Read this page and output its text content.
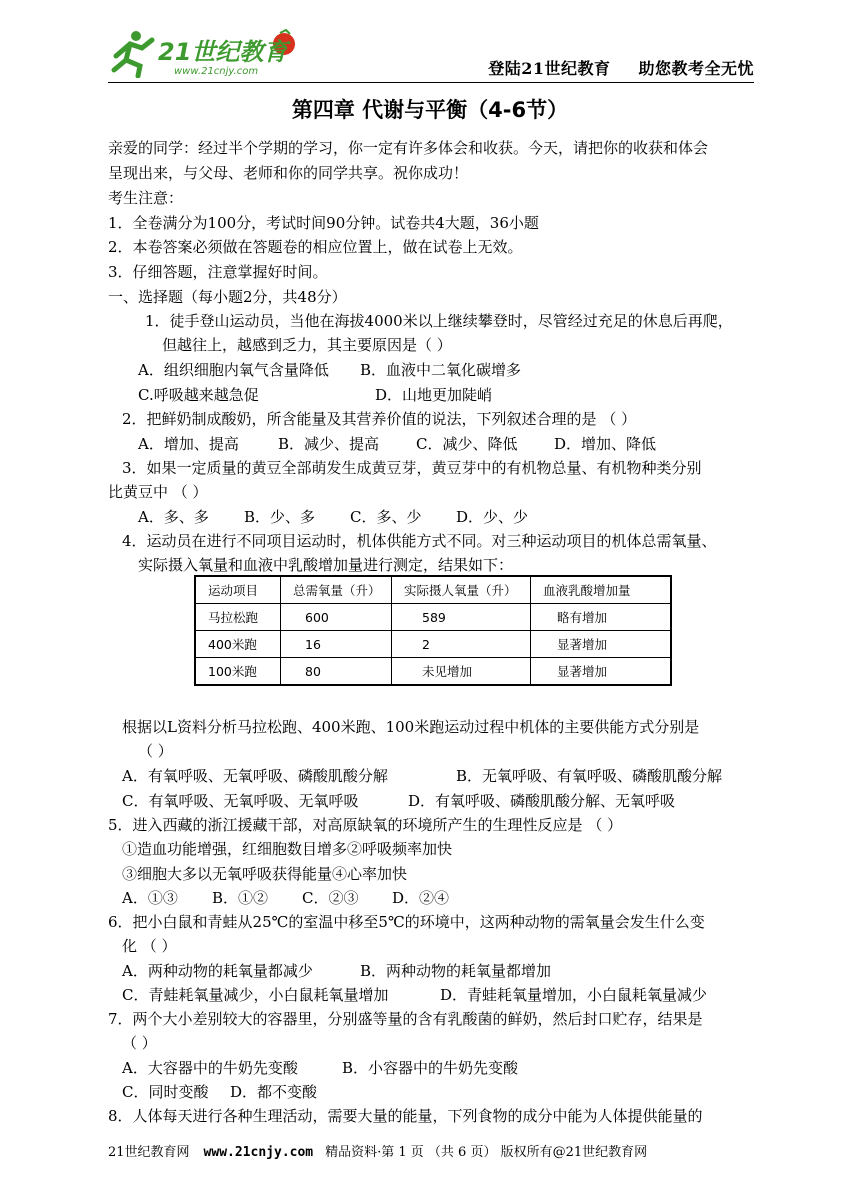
21世纪教育
www.21cnjy.com	登陆21世纪教育 助您教考全无忧
第四章 代谢与平衡（4-6节）
亲爱的同学：经过半个学期的学习，你一定有许多体会和收获。今天，请把你的收获和体会
呈现出来，与父母、老师和你的同学共享。祝你成功！
考生注意：
1．全卷满分为100分，考试时间90分钟。试卷共4大题，36小题
2．本卷答案必须做在答题卷的相应位置上，做在试卷上无效。
3．仔细答题，注意掌握好时间。
一、选择题（每小题2分，共48分）
1．徒手登山运动员，当他在海拔4000米以上继续攀登时，尽管经过充足的休息后再爬，
但越往上，越感到乏力，其主要原因是（ ）
A．组织细胞内氧气含量降低 B．血液中二氧化碳增多
C.呼吸越来越急促	D．山地更加陡峭
2．把鲜奶制成酸奶，所含能量及其营养价值的说法，下列叙述合理的是 （ ）
A．增加、提高	B．减少、提高 C．减少、降低 D．增加、降低
3．如果一定质量的黄豆全部萌发生成黄豆芽，黄豆芽中的有机物总量、有机物种类分别
比黄豆中 （ ）
A．多、多 B．少、多 C．多、少 D．少、少
4．运动员在进行不同项目运动时，机体供能方式不同。对三种运动项目的机体总需氧量、
实际摄入氧量和血液中乳酸增加量进行测定，结果如下：
运动项目	总需氧量（升）	实际摄人氧量（升）	血液乳酸增加量
马拉松跑	600	589	略有增加
400米跑	16	2	显著增加
100米跑	80	未见增加	显著增加
根据以L资料分析马拉松跑、400米跑、100米跑运动过程中机体的主要供能方式分别是
（ ）
A．有氧呼吸、无氧呼吸、磷酸肌酸分解	B．无氧呼吸、有氧呼吸、磷酸肌酸分解
C．有氧呼吸、无氧呼吸、无氧呼吸	D．有氧呼吸、磷酸肌酸分解、无氧呼吸
5．进入西藏的浙江援藏干部，对高原缺氧的环境所产生的生理性反应是 （ ）
①造血功能增强，红细胞数目增多②呼吸频率加快
③细胞大多以无氧呼吸获得能量④心率加快
A．①③ B．①② C．②③ D．②④
6．把小白鼠和青蛙从25℃的室温中移至5℃的环境中，这两种动物的需氧量会发生什么变
化 （ ）
A．两种动物的耗氧量都减少	B．两种动物的耗氧量都增加
C．青蛙耗氧量减少，小白鼠耗氧量增加	D．青蛙耗氧量增加，小白鼠耗氧量减少
7．两个大小差别较大的容器里，分别盛等量的含有乳酸菌的鲜奶，然后封口贮存，结果是
（ ）
A．大容器中的牛奶先变酸	B．小容器中的牛奶先变酸
C．同时变酸 D．都不变酸
8．人体每天进行各种生理活动，需要大量的能量，下列食物的成分中能为人体提供能量的
21世纪教育网 www.21cnjy.com 精品资料·第 1 页 （共 6 页） 版权所有@21世纪教育网
